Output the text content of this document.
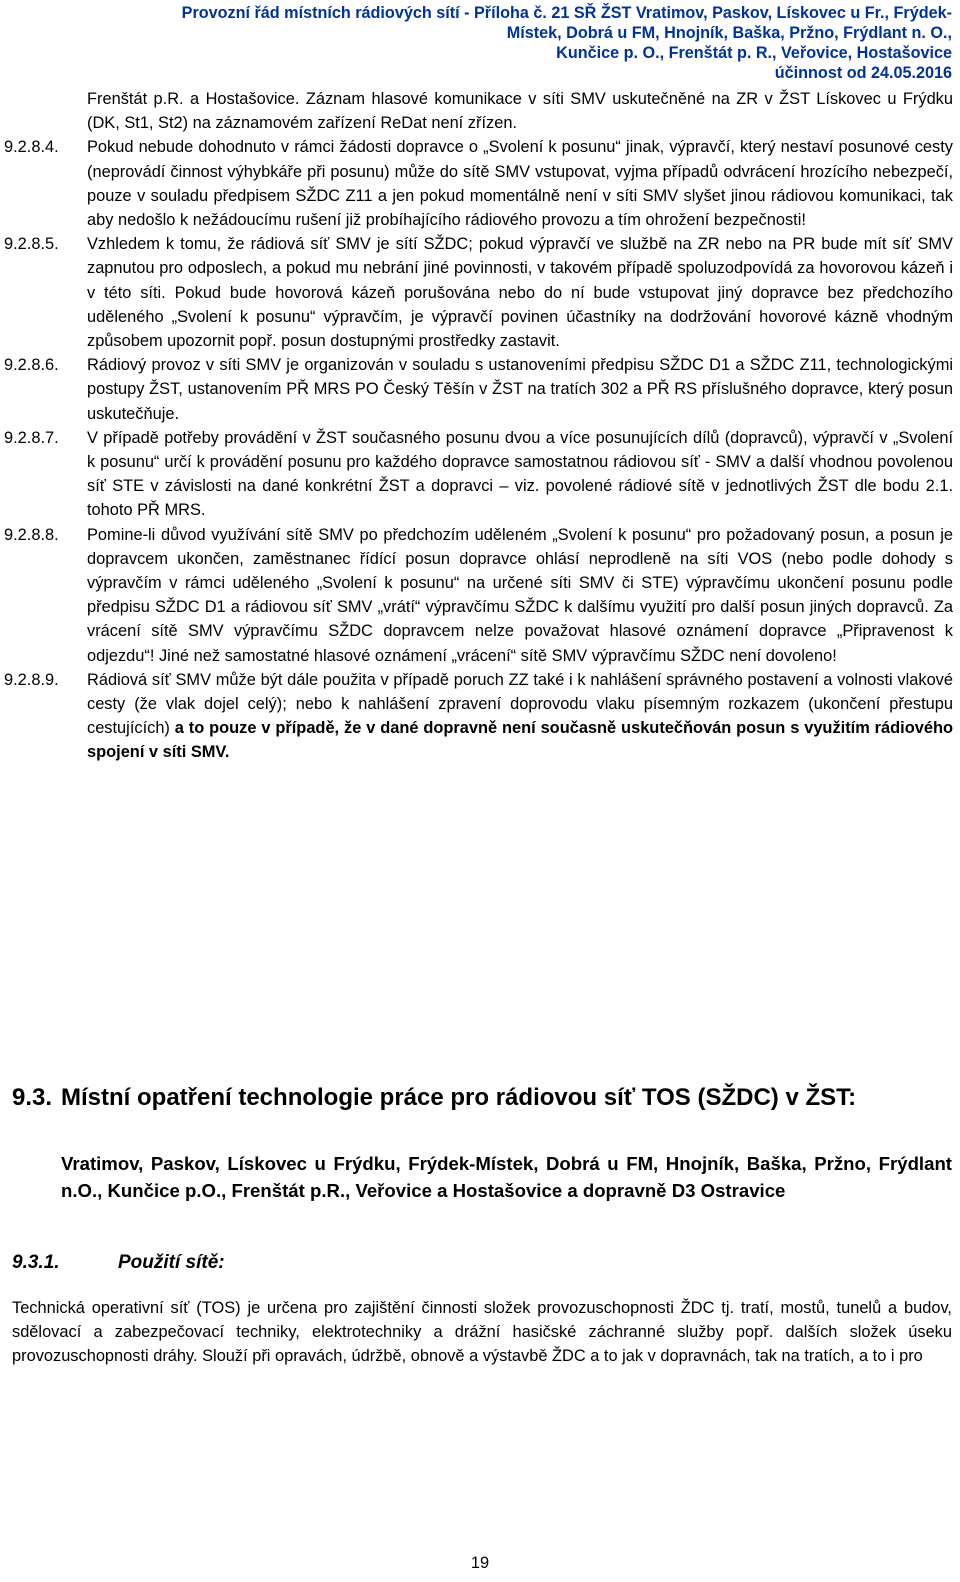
Provozní řád místních rádiových sítí - Příloha č. 21 SŘ ŽST Vratimov, Paskov, Lískovec u Fr., Frýdek-
Místek, Dobrá u FM, Hnojník, Baška, Pržno, Frýdlant n. O.,
Kunčice p. O., Frenštát p. R., Veřovice, Hostašovice
účinnost od 24.05.2016

Frenštát p.R. a Hostašovice. Záznam hlasové komunikace v síti SMV uskutečněné na ZR v ŽST Lískovec u Frýdku (DK, St1, St2) na záznamovém zařízení ReDat není zřízen.

9.2.8.4. Pokud nebude dohodnuto v rámci žádosti dopravce o „Svolení k posunu“ jinak, výpravčí, který nestaví posunové cesty (neprovádí činnost výhybkáře při posunu) může do sítě SMV vstupovat, vyjma případů odvrácení hrozícího nebezpečí, pouze v souladu předpisem SŽDC Z11 a jen pokud momentálně není v síti SMV slyšet jinou rádiovou komunikaci, tak aby nedošlo k nežádoucímu rušení již probíhajícího rádiového provozu a tím ohrožení bezpečnosti!

9.2.8.5. Vzhledem k tomu, že rádiová síť SMV je sítí SŽDC; pokud výpravčí ve službě na ZR nebo na PR bude mít síť SMV zapnutou pro odposlech, a pokud mu nebrání jiné povinnosti, v takovém případě spoluzodpovídá za hovorovou kázeň i v této síti. Pokud bude hovorová kázeň porušována nebo do ní bude vstupovat jiný dopravce bez předchozího uděleného „Svolení k posunu“ výpravčím, je výpravčí povinen účastníky na dodržování hovorové kázně vhodným způsobem upozornit popř. posun dostupnými prostředky zastavit.

9.2.8.6. Rádiový provoz v síti SMV je organizován v souladu s ustanoveními předpisu SŽDC D1 a SŽDC Z11, technologickými postupy ŽST, ustanovením PŘ MRS PO Český Těšín v ŽST na tratích 302 a PŘ RS příslušného dopravce, který posun uskutečňuje.

9.2.8.7. V případě potřeby provádění v ŽST současného posunu dvou a více posunujících dílů (dopravců), výpravčí v „Svolení k posunu“ určí k provádění posunu pro každého dopravce samostatnou rádiovou síť - SMV a další vhodnou povolenou síť STE v závislosti na dané konkrétní ŽST a dopravci – viz. povolené rádiové sítě v jednotlivých ŽST dle bodu 2.1. tohoto PŘ MRS.

9.2.8.8. Pomine-li důvod využívání sítě SMV po předchozím uděleném „Svolení k posunu“ pro požadovaný posun, a posun je dopravcem ukončen, zaměstnanec řídící posun dopravce ohlásí neprodleně na síti VOS (nebo podle dohody s výpravčím v rámci uděleného „Svolení k posunu“ na určené síti SMV či STE) výpravčímu ukončení posunu podle předpisu SŽDC D1 a rádiovou síť SMV „vrátí“ výpravčímu SŽDC k dalšímu využití pro další posun jiných dopravců. Za vrácení sítě SMV výpravčímu SŽDC dopravcem nelze považovat hlasové oznámení dopravce „Připravenost k odjezdu“! Jiné než samostatné hlasové oznámení „vrácení“ sítě SMV výpravčímu SŽDC není dovoleno!

9.2.8.9. Rádiová síť SMV může být dále použita v případě poruch ZZ také i k nahlášení správného postavení a volnosti vlakové cesty (že vlak dojel celý); nebo k nahlášení zpravení doprovodu vlaku písemným rozkazem (ukončení přestupu cestujících) a to pouze v případě, že v dané dopravně není současně uskutečňován posun s využitím rádiového spojení v síti SMV.

9.3. Místní opatření technologie práce pro rádiovou síť TOS (SŽDC) v ŽST:
Vratimov, Paskov, Lískovec u Frýdku, Frýdek-Místek, Dobrá u FM, Hnojník, Baška, Pržno, Frýdlant n.O., Kunčice p.O., Frenštát p.R., Veřovice a Hostašovice a dopravně D3 Ostravice
9.3.1.	Použití sítě:
Technická operativní síť (TOS) je určena pro zajištění činnosti složek provozuschopnosti ŽDC tj. tratí, mostů, tunelů a budov, sdělovací a zabezpečovací techniky, elektrotechniky a drážní hasičské záchranné služby popř. dalších složek úseku provozuschopnosti dráhy. Slouží při opravách, údržbě, obnově a výstavbě ŽDC a to jak v dopravnách, tak na tratích, a to i pro
19
